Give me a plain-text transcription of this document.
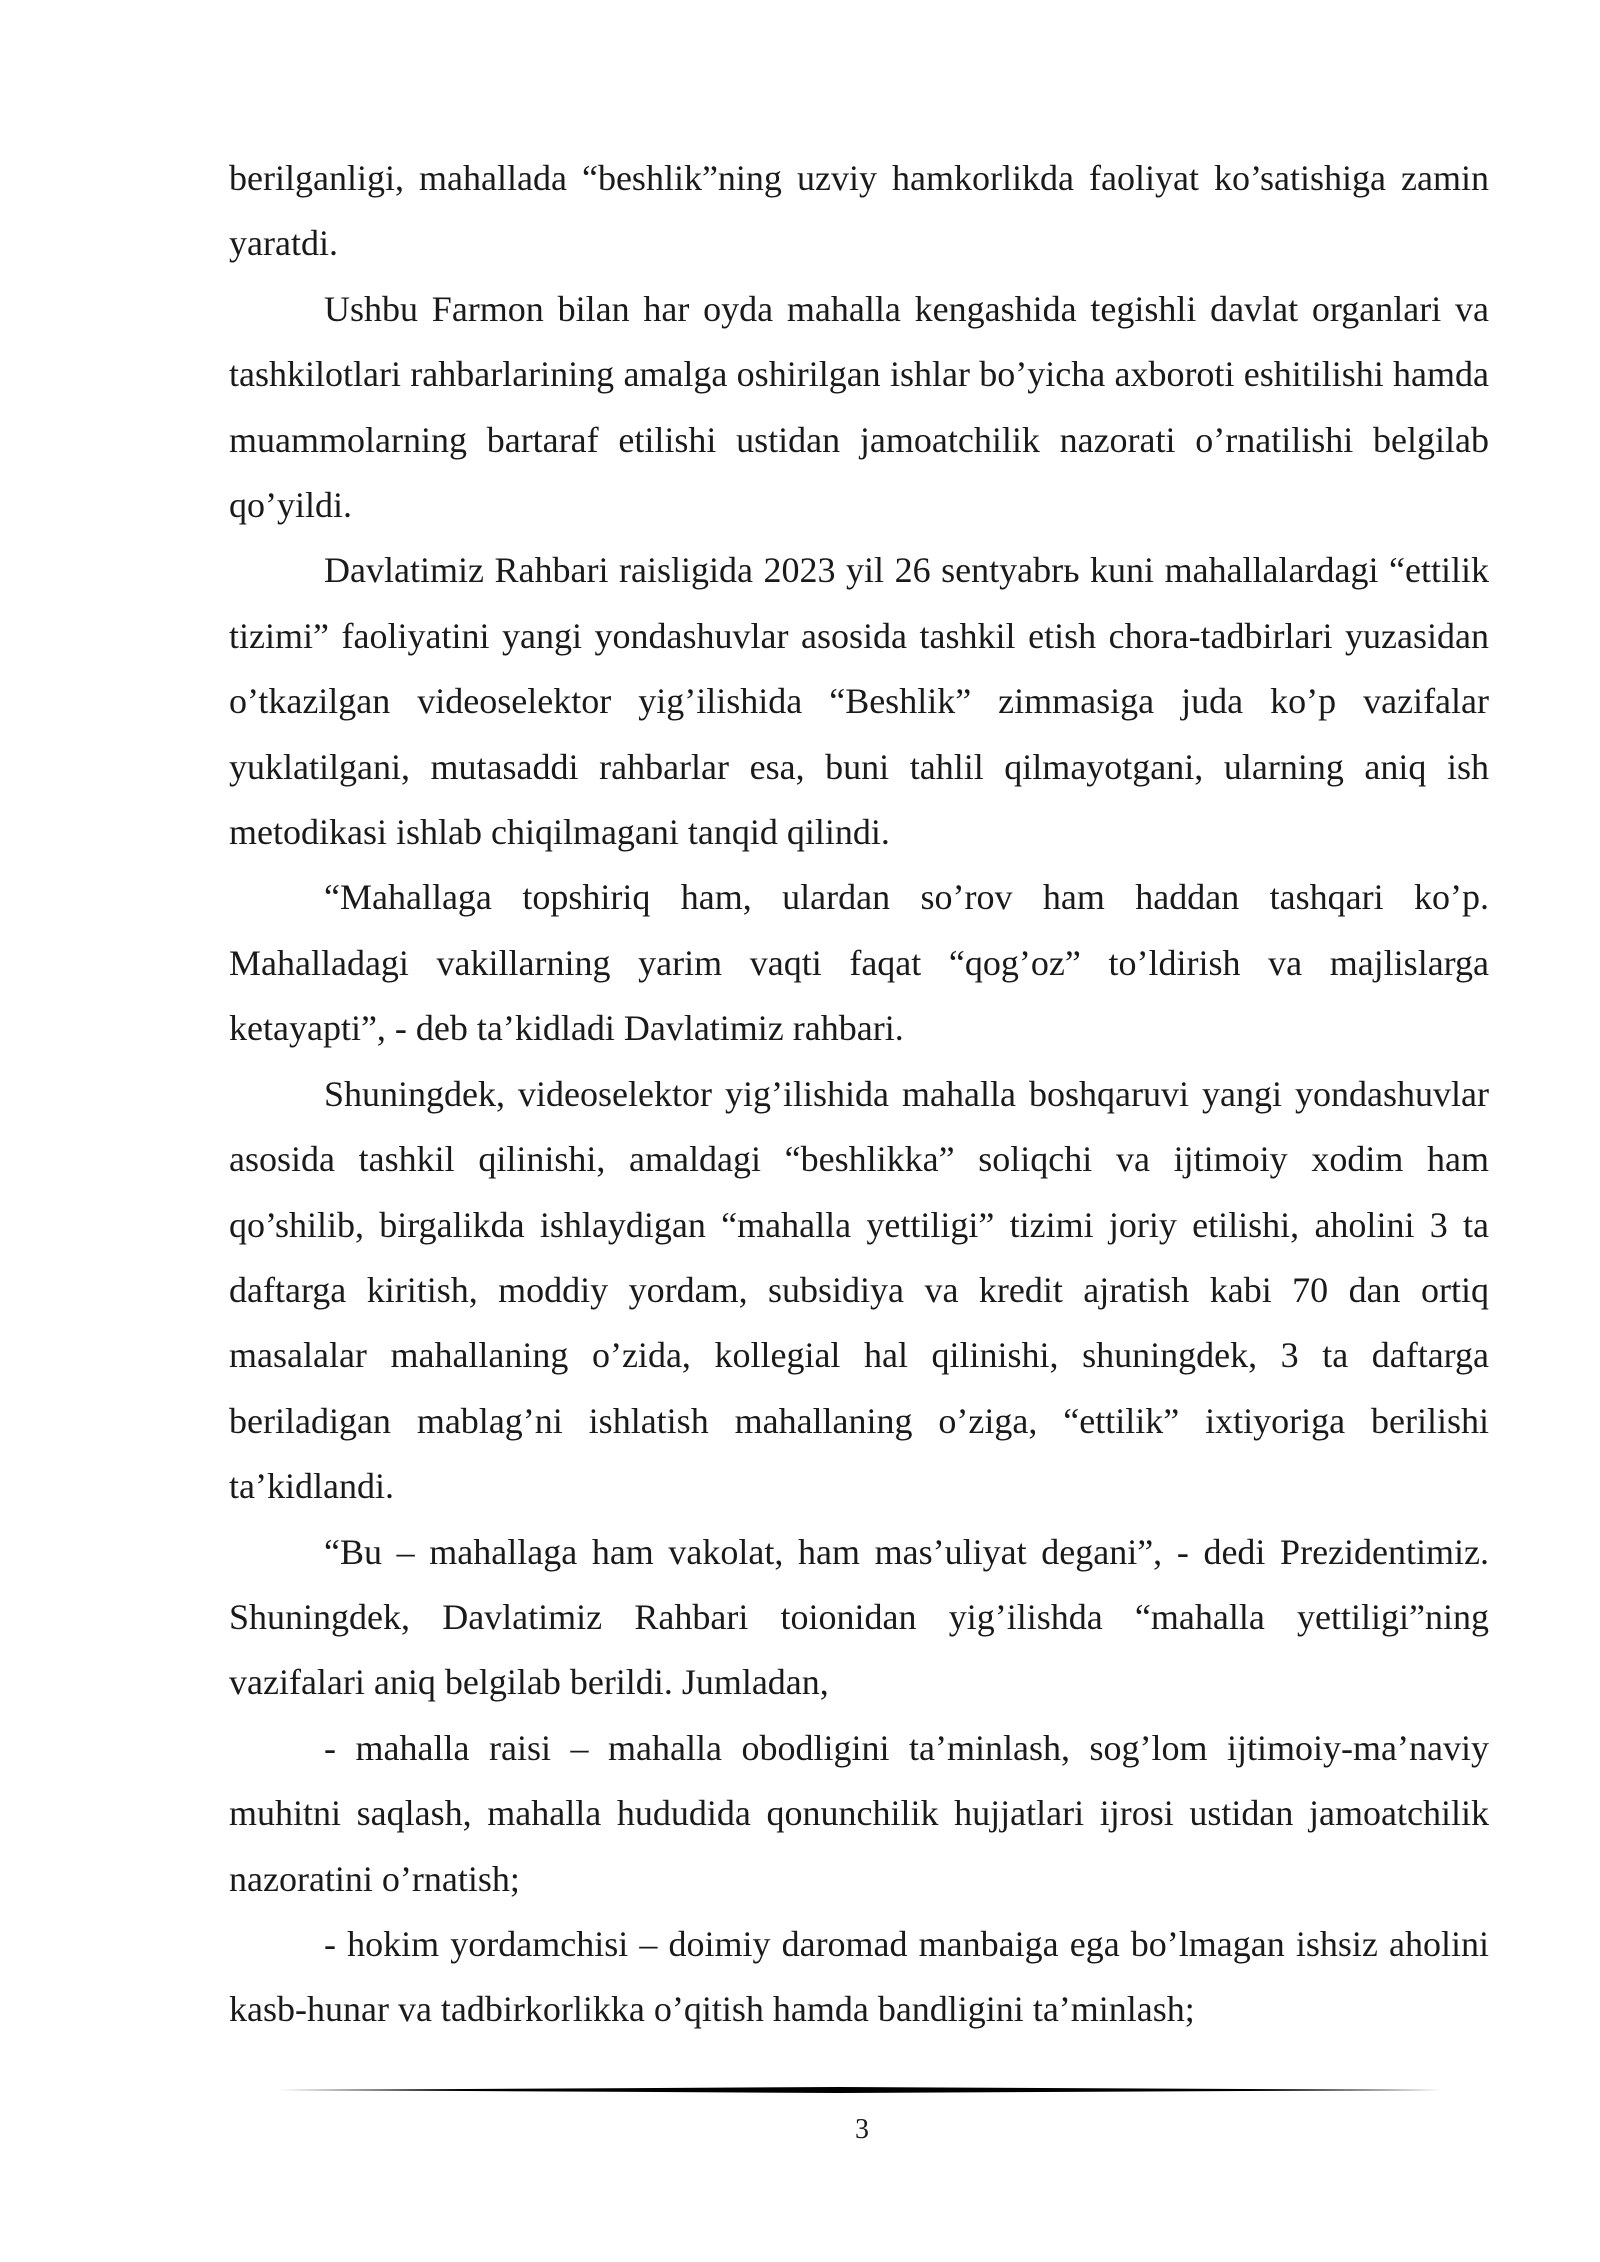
berilganligi, mahallada “beshlik”ning uzviy hamkorlikda faoliyat ko’satishiga zamin yaratdi.

Ushbu Farmon bilan har oyda mahalla kengashida tegishli davlat organlari va tashkilotlari rahbarlarining amalga oshirilgan ishlar bo’yicha axboroti eshitilishi hamda muammolarning bartaraf etilishi ustidan jamoatchilik nazorati o’rnatilishi belgilab qo’yildi.

Davlatimiz Rahbari raisligida 2023 yil 26 sentyabrь kuni mahallalardagi “ettilik tizimi” faoliyatini yangi yondashuvlar asosida tashkil etish chora-tadbirlari yuzasidan o’tkazilgan videoselektor yig’ilishida “Beshlik” zimmasiga juda ko’p vazifalar yuklatilgani, mutasaddi rahbarlar esa, buni tahlil qilmayotgani, ularning aniq ish metodikasi ishlab chiqilmagani tanqid qilindi.

“Mahallaga topshiriq ham, ulardan so’rov ham haddan tashqari ko’p. Mahalladagi vakillarning yarim vaqti faqat “qog’oz” to’ldirish va majlislarga ketayapti”, - deb ta’kidladi Davlatimiz rahbari.

Shuningdek, videoselektor yig’ilishida mahalla boshqaruvi yangi yondashuvlar asosida tashkil qilinishi, amaldagi “beshlikka” soliqchi va ijtimoiy xodim ham qo’shilib, birgalikda ishlaydigan “mahalla yettiligi” tizimi joriy etilishi, aholini 3 ta daftarga kiritish, moddiy yordam, subsidiya va kredit ajratish kabi 70 dan ortiq masalalar mahallaning o’zida, kollegial hal qilinishi, shuningdek, 3 ta daftarga beriladigan mablag’ni ishlatish mahallaning o’ziga, “ettilik” ixtiyoriga berilishi ta’kidlandi.

“Bu – mahallaga ham vakolat, ham mas’uliyat degani”, - dedi Prezidentimiz. Shuningdek, Davlatimiz Rahbari toionidan yig’ilishda “mahalla yettiligi”ning vazifalari aniq belgilab berildi. Jumladan,

- mahalla raisi – mahalla obodligini ta’minlash, sog’lom ijtimoiy-ma’naviy muhitni saqlash, mahalla hududida qonunchilik hujjatlari ijrosi ustidan jamoatchilik nazoratini o’rnatish;

- hokim yordamchisi – doimiy daromad manbaiga ega bo’lmagan ishsiz aholini kasb-hunar va tadbirkorlikka o’qitish hamda bandligini ta’minlash;

3
